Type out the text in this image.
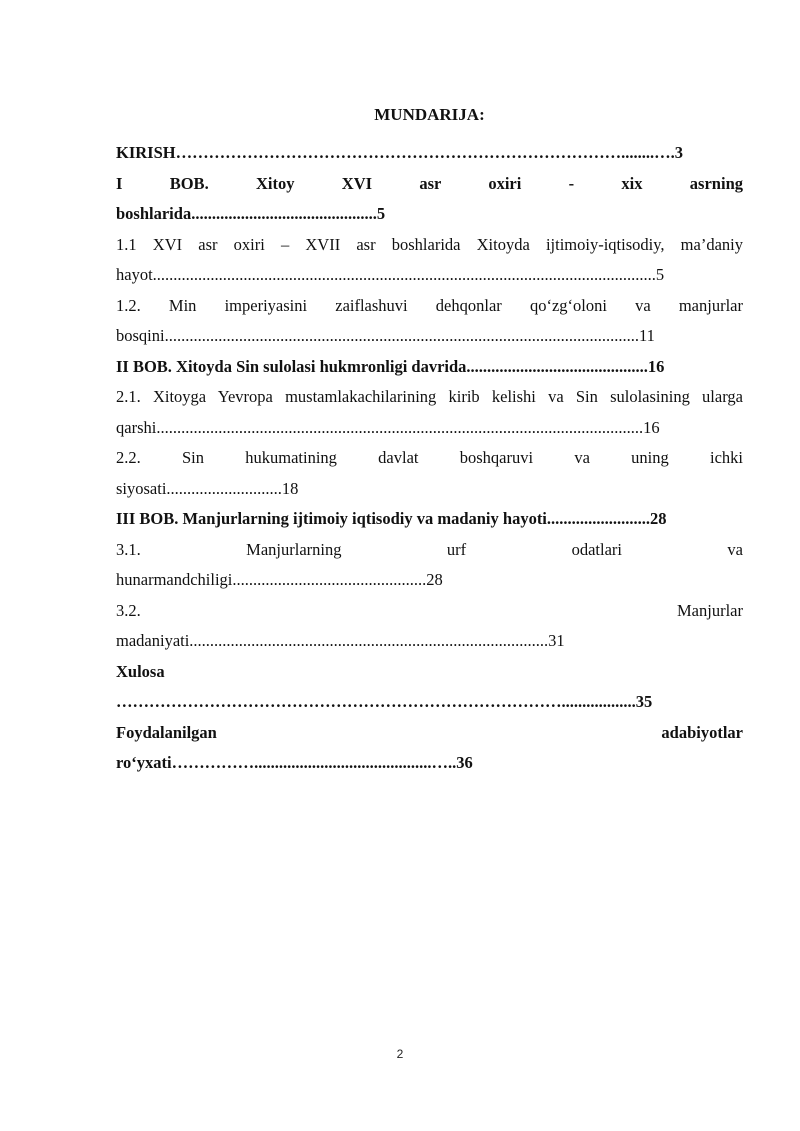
MUNDARIJA:

KIRISH………………………………………………………………………........….3

I BOB. Xitoy XVI asr oxiri - xix asrning

boshlarida.............................................5

1.1 XVI asr oxiri – XVII asr boshlarida Xitoyda ijtimoiy-iqtisodiy, ma’daniy

hayot..........................................................................................................................5

1.2. Min imperiyasini zaiflashuvi dehqonlar qo‘zg‘oloni va manjurlar

bosqini...................................................................................................................11

II BOB. Xitoyda Sin sulolasi hukmronligi davrida............................................16

2.1. Xitoyga Yevropa mustamlakachilarining kirib kelishi va Sin sulolasining ularga

qarshi......................................................................................................................16

2.2. Sin hukumatining davlat boshqaruvi va uning ichki

siyosati............................18

III BOB. Manjurlarning ijtimoiy iqtisodiy va madaniy hayoti.........................28

3.1. Manjurlarning urf odatlari va

hunarmandchiligi...............................................28

3.2. Manjurlar

madaniyati.......................................................................................31

Xulosa

………………………………………………………………………..................35

Foydalanilgan adabiyotlar

ro‘yxati……………...........................................…..36

2
